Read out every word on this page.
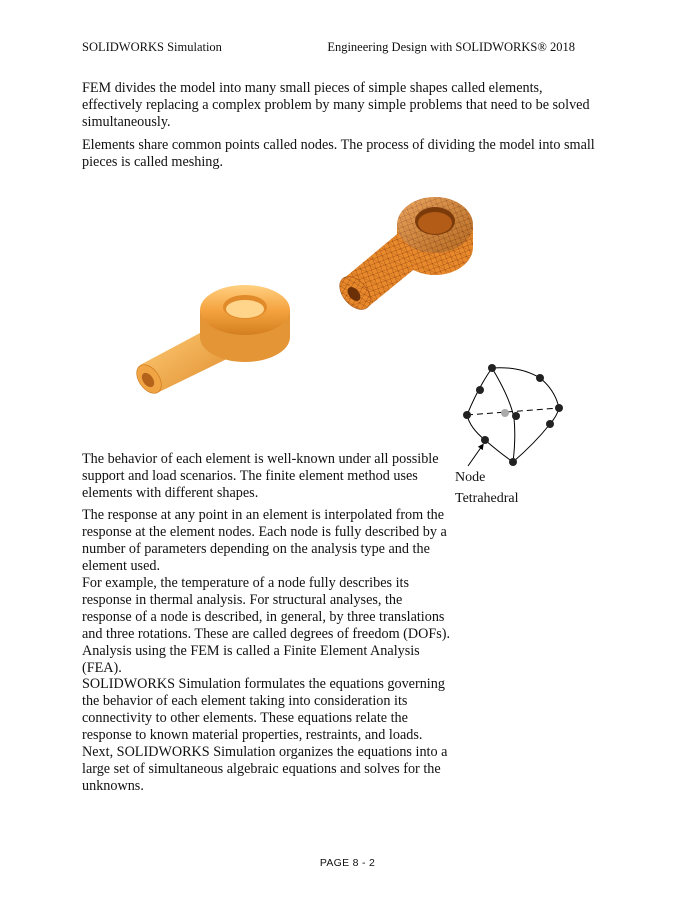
SOLIDWORKS Simulation	Engineering Design with SOLIDWORKS® 2018

FEM divides the model into many small pieces of simple shapes called elements, effectively replacing a complex problem by many simple problems that need to be solved simultaneously.

Elements share common points called nodes. The process of dividing the model into small pieces is called meshing.

Node
Tetrahedral

The behavior of each element is well-known under all possible support and load scenarios. The finite element method uses elements with different shapes.

The response at any point in an element is interpolated from the response at the element nodes. Each node is fully described by a number of parameters depending on the analysis type and the element used.

For example, the temperature of a node fully describes its response in thermal analysis. For structural analyses, the response of a node is described, in general, by three translations and three rotations. These are called degrees of freedom (DOFs). Analysis using the FEM is called a Finite Element Analysis (FEA).

SOLIDWORKS Simulation formulates the equations governing the behavior of each element taking into consideration its connectivity to other elements. These equations relate the response to known material properties, restraints, and loads.

Next, SOLIDWORKS Simulation organizes the equations into a large set of simultaneous algebraic equations and solves for the unknowns.

PAGE 8 - 2
